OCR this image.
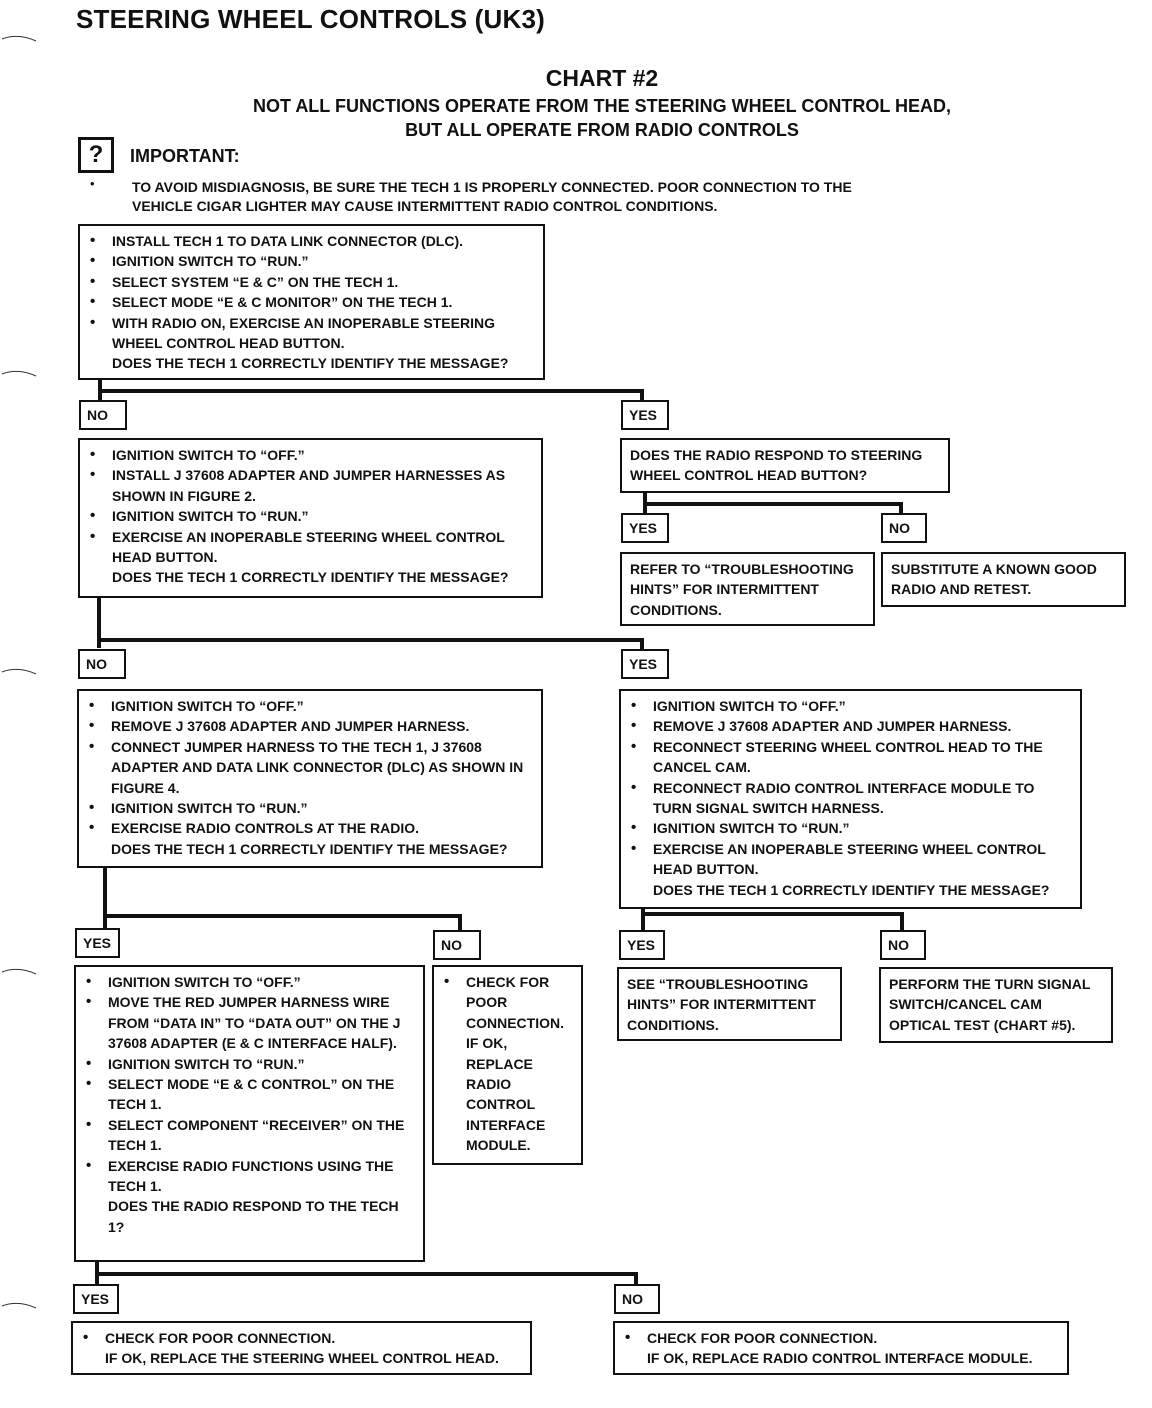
STEERING WHEEL CONTROLS (UK3)
CHART #2
NOT ALL FUNCTIONS OPERATE FROM THE STEERING WHEEL CONTROL HEAD,
BUT ALL OPERATE FROM RADIO CONTROLS
?	IMPORTANT:
•	TO AVOID MISDIAGNOSIS, BE SURE THE TECH 1 IS PROPERLY CONNECTED. POOR CONNECTION TO THE VEHICLE CIGAR LIGHTER MAY CAUSE INTERMITTENT RADIO CONTROL CONDITIONS.
• INSTALL TECH 1 TO DATA LINK CONNECTOR (DLC).
• IGNITION SWITCH TO “RUN.”
• SELECT SYSTEM “E & C” ON THE TECH 1.
• SELECT MODE “E & C MONITOR” ON THE TECH 1.
• WITH RADIO ON, EXERCISE AN INOPERABLE STEERING WHEEL CONTROL HEAD BUTTON.
DOES THE TECH 1 CORRECTLY IDENTIFY THE MESSAGE?
NO	YES
• IGNITION SWITCH TO “OFF.”
• INSTALL J 37608 ADAPTER AND JUMPER HARNESSES AS SHOWN IN FIGURE 2.
• IGNITION SWITCH TO “RUN.”
• EXERCISE AN INOPERABLE STEERING WHEEL CONTROL HEAD BUTTON.
DOES THE TECH 1 CORRECTLY IDENTIFY THE MESSAGE?
DOES THE RADIO RESPOND TO STEERING WHEEL CONTROL HEAD BUTTON?
YES	NO
REFER TO “TROUBLESHOOTING HINTS” FOR INTERMITTENT CONDITIONS.
SUBSTITUTE A KNOWN GOOD RADIO AND RETEST.
NO	YES
• IGNITION SWITCH TO “OFF.”
• REMOVE J 37608 ADAPTER AND JUMPER HARNESS.
• CONNECT JUMPER HARNESS TO THE TECH 1, J 37608 ADAPTER AND DATA LINK CONNECTOR (DLC) AS SHOWN IN FIGURE 4.
• IGNITION SWITCH TO “RUN.”
• EXERCISE RADIO CONTROLS AT THE RADIO.
DOES THE TECH 1 CORRECTLY IDENTIFY THE MESSAGE?
• IGNITION SWITCH TO “OFF.”
• REMOVE J 37608 ADAPTER AND JUMPER HARNESS.
• RECONNECT STEERING WHEEL CONTROL HEAD TO THE CANCEL CAM.
• RECONNECT RADIO CONTROL INTERFACE MODULE TO TURN SIGNAL SWITCH HARNESS.
• IGNITION SWITCH TO “RUN.”
• EXERCISE AN INOPERABLE STEERING WHEEL CONTROL HEAD BUTTON.
DOES THE TECH 1 CORRECTLY IDENTIFY THE MESSAGE?
YES	NO	YES	NO
• IGNITION SWITCH TO “OFF.”
• MOVE THE RED JUMPER HARNESS WIRE FROM “DATA IN” TO “DATA OUT” ON THE J 37608 ADAPTER (E & C INTERFACE HALF).
• IGNITION SWITCH TO “RUN.”
• SELECT MODE “E & C CONTROL” ON THE TECH 1.
• SELECT COMPONENT “RECEIVER” ON THE TECH 1.
• EXERCISE RADIO FUNCTIONS USING THE TECH 1.
DOES THE RADIO RESPOND TO THE TECH 1?
• CHECK FOR POOR CONNECTION. IF OK, REPLACE RADIO CONTROL INTERFACE MODULE.
SEE “TROUBLESHOOTING HINTS” FOR INTERMITTENT CONDITIONS.
PERFORM THE TURN SIGNAL SWITCH/CANCEL CAM OPTICAL TEST (CHART #5).
YES	NO
• CHECK FOR POOR CONNECTION.
IF OK, REPLACE THE STEERING WHEEL CONTROL HEAD.
• CHECK FOR POOR CONNECTION.
IF OK, REPLACE RADIO CONTROL INTERFACE MODULE.
